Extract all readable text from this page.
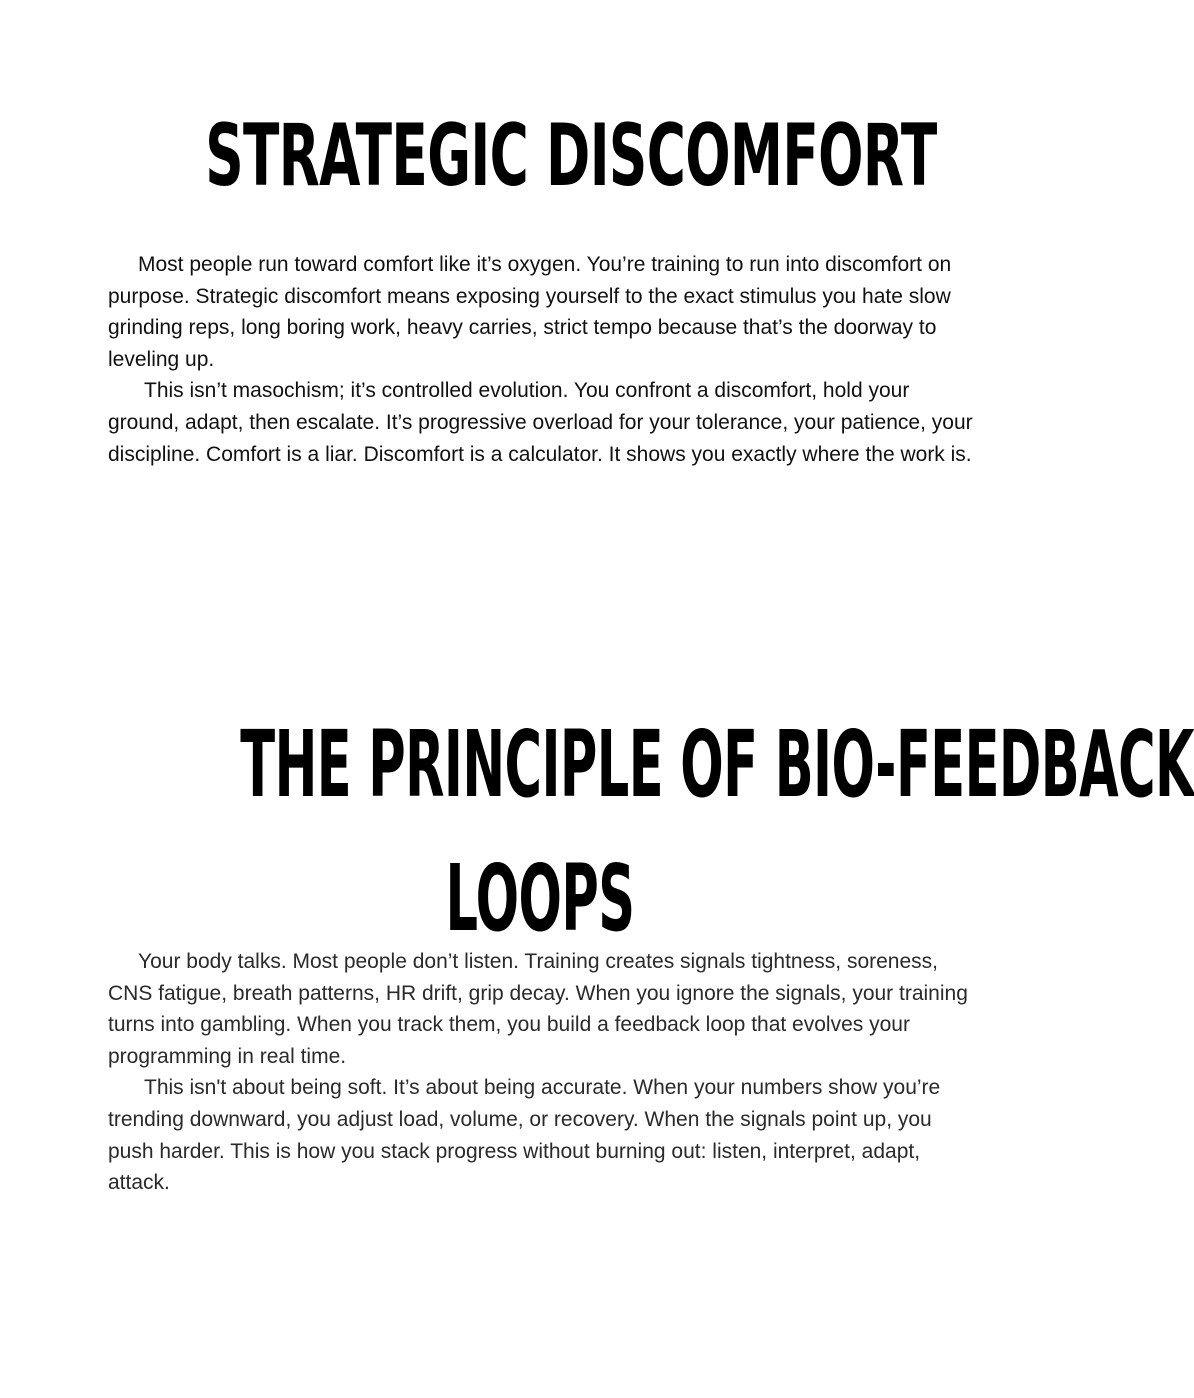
STRATEGIC DISCOMFORT

Most people run toward comfort like it’s oxygen. You’re training to run into discomfort on purpose. Strategic discomfort means exposing yourself to the exact stimulus you hate slow grinding reps, long boring work, heavy carries, strict tempo because that’s the doorway to leveling up.

This isn’t masochism; it’s controlled evolution. You confront a discomfort, hold your ground, adapt, then escalate. It’s progressive overload for your tolerance, your patience, your discipline. Comfort is a liar. Discomfort is a calculator. It shows you exactly where the work is.

THE PRINCIPLE OF BIO-FEEDBACK
LOOPS

Your body talks. Most people don’t listen. Training creates signals tightness, soreness, CNS fatigue, breath patterns, HR drift, grip decay. When you ignore the signals, your training turns into gambling. When you track them, you build a feedback loop that evolves your programming in real time.

This isn't about being soft. It’s about being accurate. When your numbers show you’re trending downward, you adjust load, volume, or recovery. When the signals point up, you push harder. This is how you stack progress without burning out: listen, interpret, adapt, attack.
